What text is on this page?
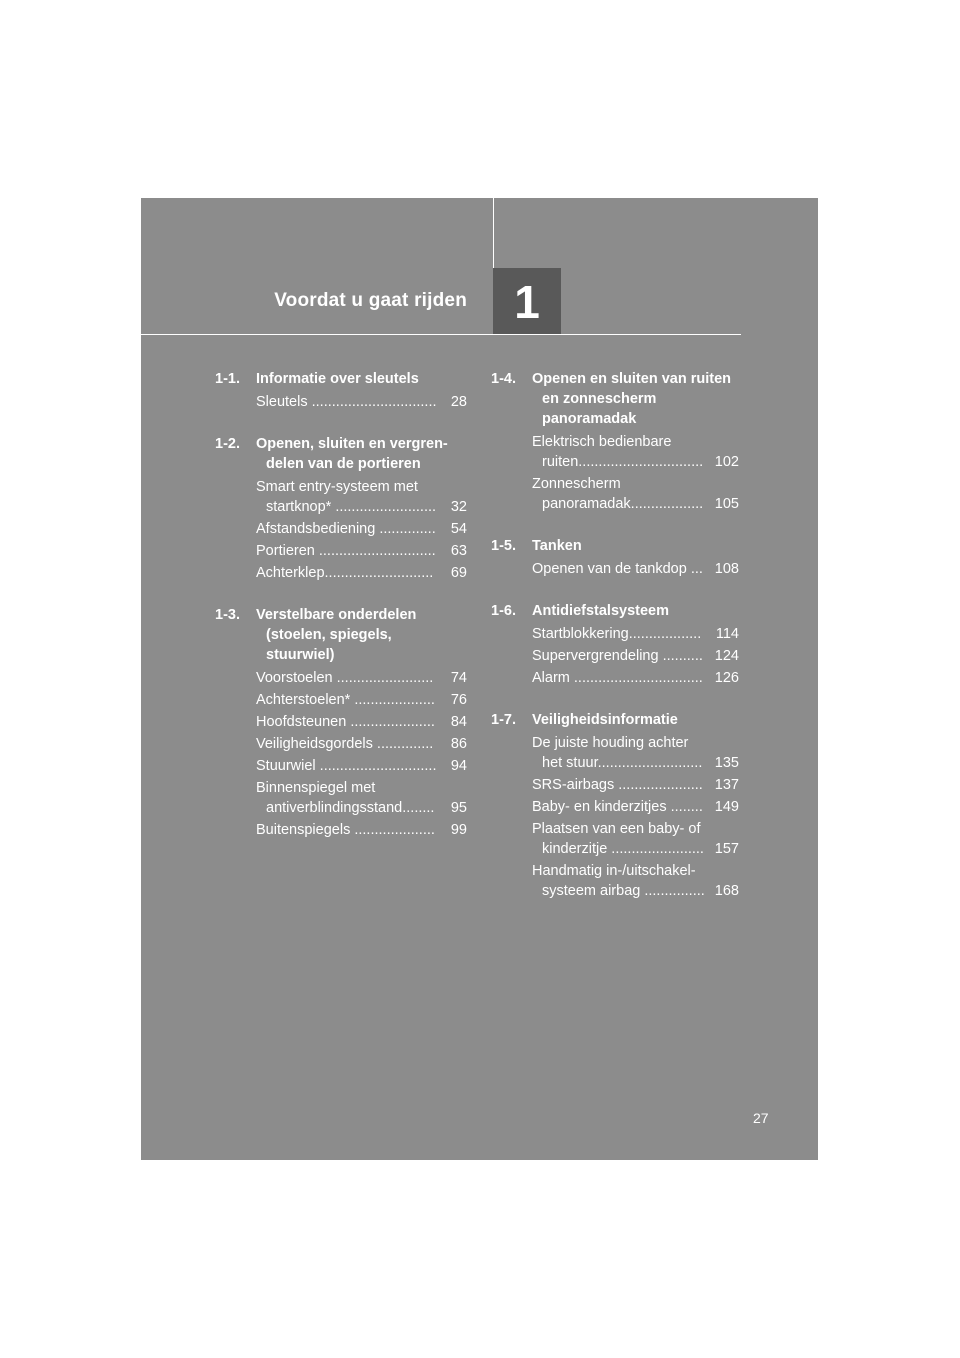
Voordat u gaat rijden 1
1-1.	Informatie over sleutels
Sleutels ............................... 28
1-2.	Openen, sluiten en vergren-
delen van de portieren
Smart entry-systeem met
startknop* .........................	32
Afstandsbediening ..............	54
Portieren .............................	63
Achterklep...........................	69
1-3.	Verstelbare onderdelen
(stoelen, spiegels,
stuurwiel)
Voorstoelen ........................	74
Achterstoelen* ....................	76
Hoofdsteunen .....................	84
Veiligheidsgordels ..............	86
Stuurwiel ............................. 94
Binnenspiegel met
antiverblindingsstand........	95
Buitenspiegels ....................	99
1-4.	Openen en sluiten van ruiten
en zonnescherm
panoramadak
Elektrisch bedienbare
ruiten............................... 102
Zonnescherm
panoramadak.................. 105
1-5.	Tanken
Openen van de tankdop ... 108
1-6.	Antidiefstalsysteem
Startblokkering..................	114
Supervergrendeling .......... 124
Alarm ................................ 126
1-7.	Veiligheidsinformatie
De juiste houding achter
het stuur.......................... 135
SRS-airbags ..................... 137
Baby- en kinderzitjes ........ 149
Plaatsen van een baby- of
kinderzitje ....................... 157
Handmatig in-/uitschakel-
systeem airbag ............... 168
27
